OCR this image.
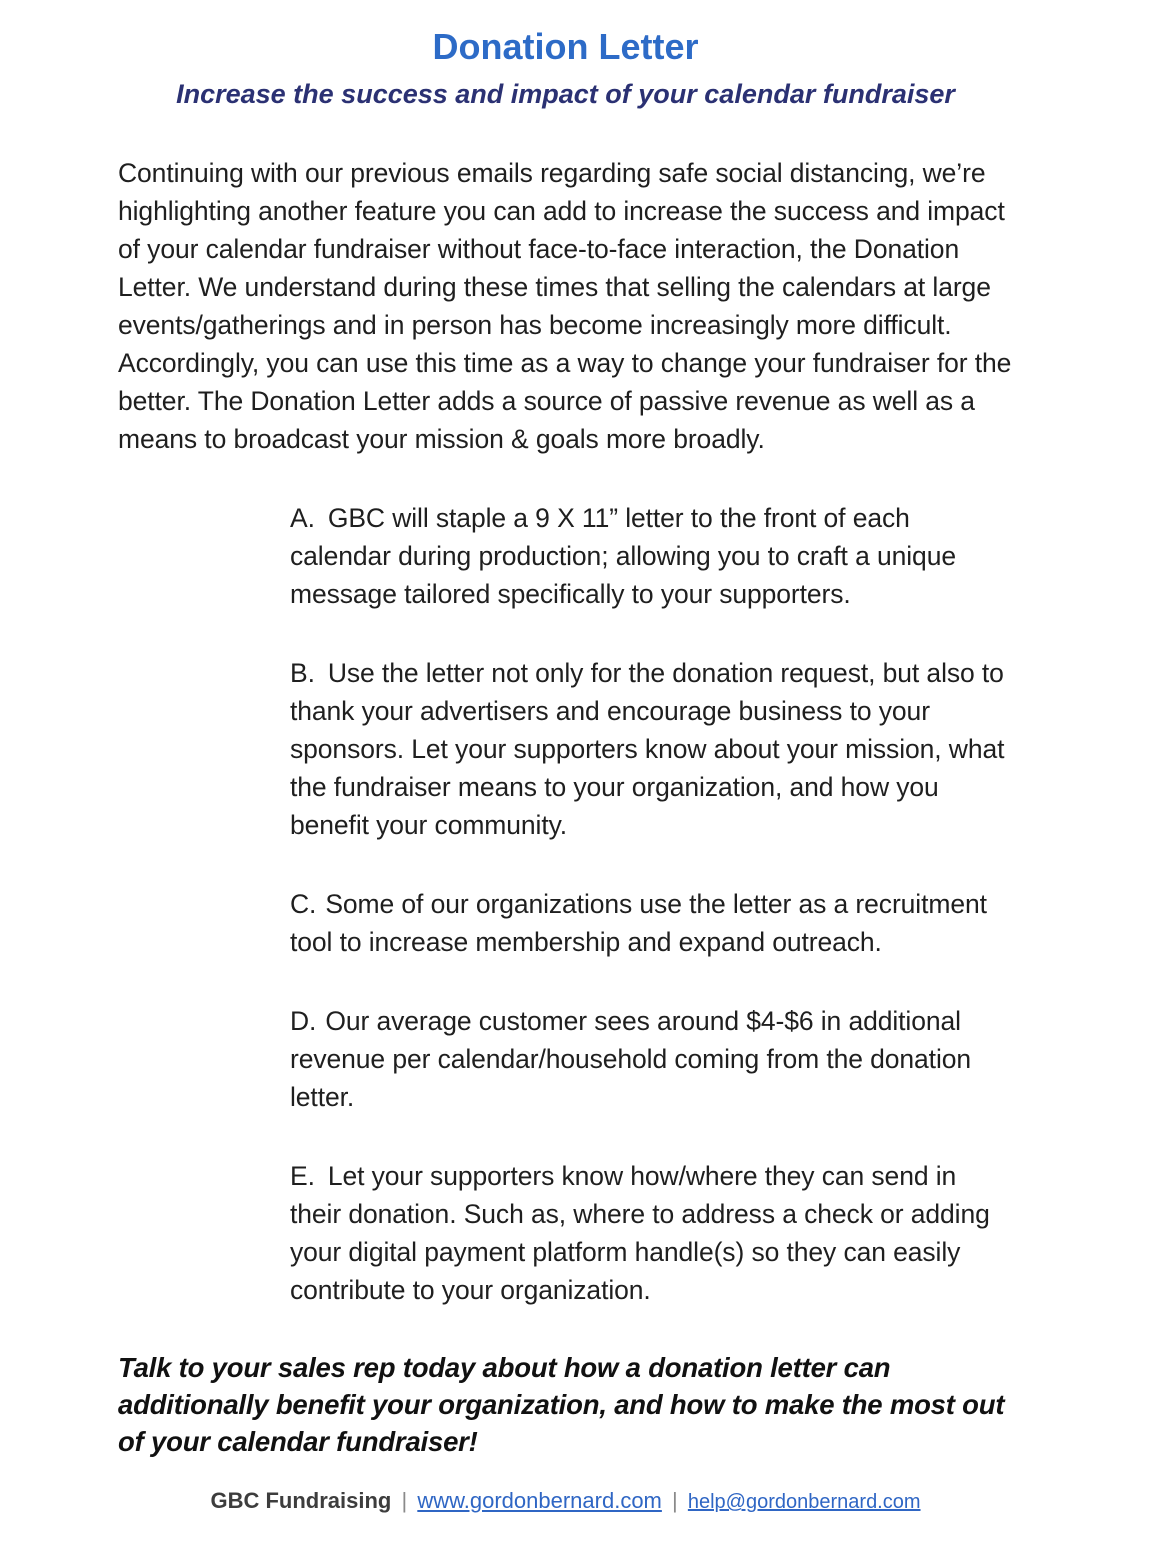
Donation Letter
Increase the success and impact of your calendar fundraiser

Continuing with our previous emails regarding safe social distancing, we’re highlighting another feature you can add to increase the success and impact of your calendar fundraiser without face-to-face interaction, the Donation Letter. We understand during these times that selling the calendars at large events/gatherings and in person has become increasingly more difficult. Accordingly, you can use this time as a way to change your fundraiser for the better. The Donation Letter adds a source of passive revenue as well as a means to broadcast your mission & goals more broadly.

A. GBC will staple a 9 X 11” letter to the front of each calendar during production; allowing you to craft a unique message tailored specifically to your supporters.

B. Use the letter not only for the donation request, but also to thank your advertisers and encourage business to your sponsors. Let your supporters know about your mission, what the fundraiser means to your organization, and how you benefit your community.

C. Some of our organizations use the letter as a recruitment tool to increase membership and expand outreach.

D. Our average customer sees around $4-$6 in additional revenue per calendar/household coming from the donation letter.

E. Let your supporters know how/where they can send in their donation. Such as, where to address a check or adding your digital payment platform handle(s) so they can easily contribute to your organization.

Talk to your sales rep today about how a donation letter can additionally benefit your organization, and how to make the most out of your calendar fundraiser!

GBC Fundraising | www.gordonbernard.com | help@gordonbernard.com
